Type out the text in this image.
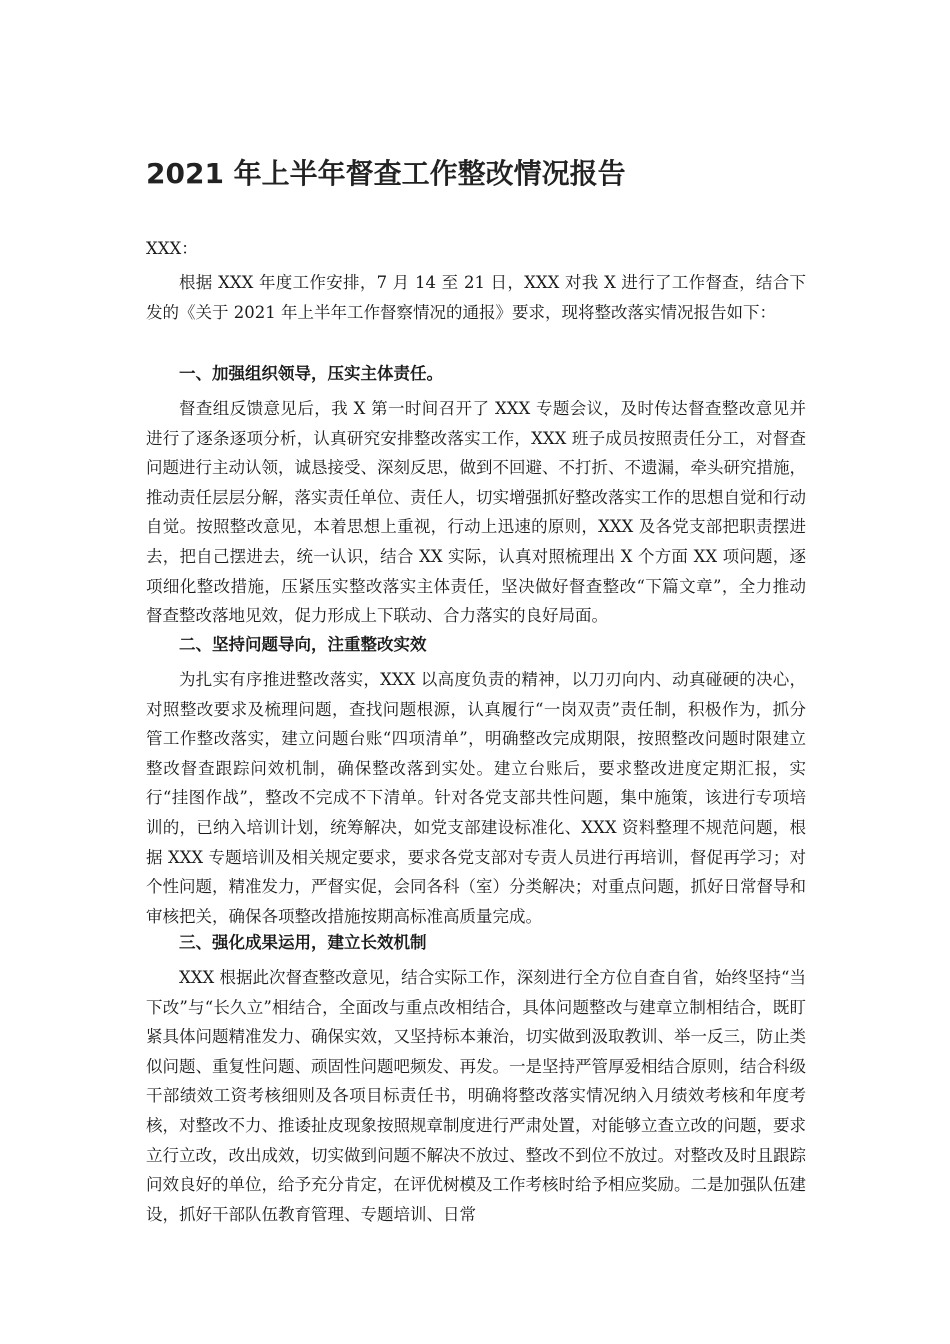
2021 年上半年督查工作整改情况报告

XXX：

根据 XXX 年度工作安排，7 月 14 至 21 日，XXX 对我 X 进行了工作督查，结合下发的《关于 2021 年上半年工作督察情况的通报》要求，现将整改落实情况报告如下：

一、加强组织领导，压实主体责任。

督查组反馈意见后，我 X 第一时间召开了 XXX 专题会议，及时传达督查整改意见并进行了逐条逐项分析，认真研究安排整改落实工作，XXX 班子成员按照责任分工，对督查问题进行主动认领，诚恳接受、深刻反思，做到不回避、不打折、不遗漏，牵头研究措施，推动责任层层分解，落实责任单位、责任人，切实增强抓好整改落实工作的思想自觉和行动自觉。按照整改意见，本着思想上重视，行动上迅速的原则，XXX 及各党支部把职责摆进去，把自己摆进去，统一认识，结合 XX 实际，认真对照梳理出 X 个方面 XX 项问题，逐项细化整改措施，压紧压实整改落实主体责任，坚决做好督查整改“下篇文章”，全力推动督查整改落地见效，促力形成上下联动、合力落实的良好局面。

二、坚持问题导向，注重整改实效

为扎实有序推进整改落实，XXX 以高度负责的精神，以刀刃向内、动真碰硬的决心，对照整改要求及梳理问题，查找问题根源，认真履行“一岗双责”责任制，积极作为，抓分管工作整改落实，建立问题台账“四项清单”，明确整改完成期限，按照整改问题时限建立整改督查跟踪问效机制，确保整改落到实处。建立台账后，要求整改进度定期汇报，实行“挂图作战”，整改不完成不下清单。针对各党支部共性问题，集中施策，该进行专项培训的，已纳入培训计划，统筹解决，如党支部建设标准化、XXX 资料整理不规范问题，根据 XXX 专题培训及相关规定要求，要求各党支部对专责人员进行再培训，督促再学习；对个性问题，精准发力，严督实促，会同各科（室）分类解决；对重点问题，抓好日常督导和审核把关，确保各项整改措施按期高标准高质量完成。

三、强化成果运用，建立长效机制

XXX 根据此次督查整改意见，结合实际工作，深刻进行全方位自查自省，始终坚持“当下改”与“长久立”相结合，全面改与重点改相结合，具体问题整改与建章立制相结合，既盯紧具体问题精准发力、确保实效，又坚持标本兼治，切实做到汲取教训、举一反三，防止类似问题、重复性问题、顽固性问题吧频发、再发。一是坚持严管厚爱相结合原则，结合科级干部绩效工资考核细则及各项目标责任书，明确将整改落实情况纳入月绩效考核和年度考核，对整改不力、推诿扯皮现象按照规章制度进行严肃处置，对能够立查立改的问题，要求立行立改，改出成效，切实做到问题不解决不放过、整改不到位不放过。对整改及时且跟踪问效良好的单位，给予充分肯定，在评优树模及工作考核时给予相应奖励。二是加强队伍建设，抓好干部队伍教育管理、专题培训、日常
